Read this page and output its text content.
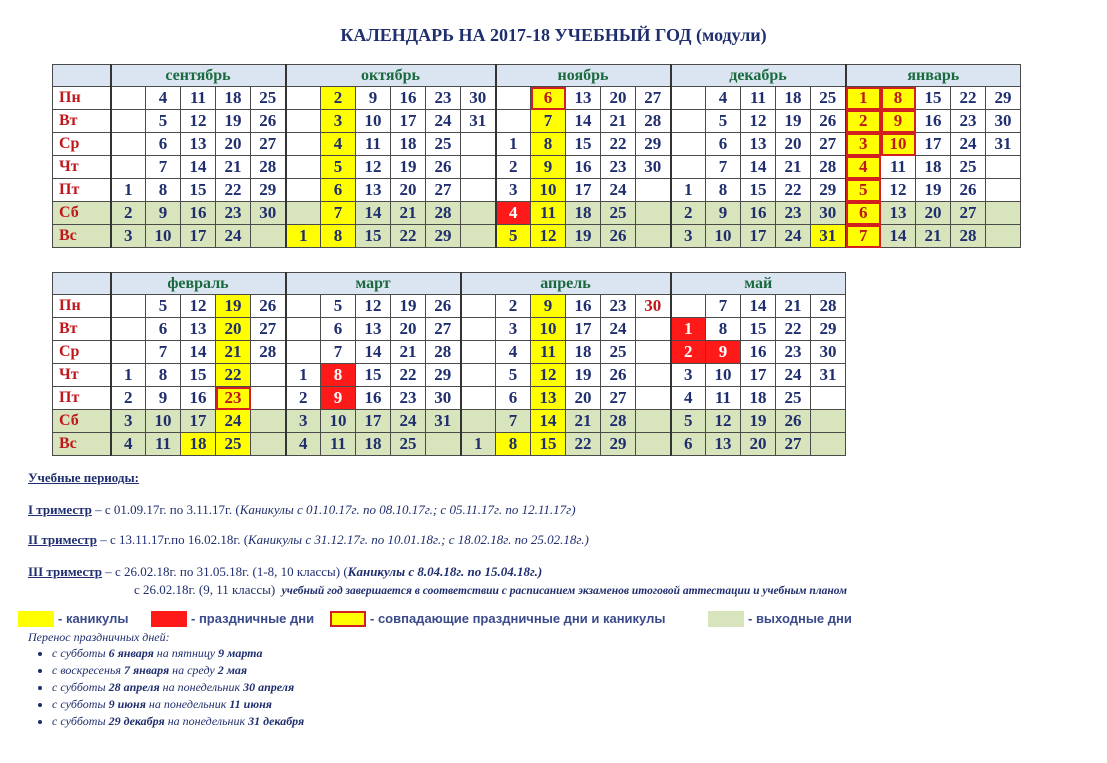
КАЛЕНДАРЬ НА 2017-18 УЧЕБНЫЙ ГОД (модули)
	сентябрь					октябрь						ноябрь					декабрь					январь				
Пн		4	11	18	25		2	9	16	23	30		6	13	20	27		4	11	18	25	1	8	15	22	29
Вт		5	12	19	26		3	10	17	24	31		7	14	21	28		5	12	19	26	2	9	16	23	30
Ср		6	13	20	27		4	11	18	25		1	8	15	22	29		6	13	20	27	3	10	17	24	31
Чт		7	14	21	28		5	12	19	26		2	9	16	23	30		7	14	21	28	4	11	18	25	
Пт	1	8	15	22	29		6	13	20	27		3	10	17	24		1	8	15	22	29	5	12	19	26	
Сб	2	9	16	23	30		7	14	21	28		4	11	18	25		2	9	16	23	30	6	13	20	27	
Вс	3	10	17	24		1	8	15	22	29		5	12	19	26		3	10	17	24	31	7	14	21	28	
	февраль					март					апрель						май				
Пн		5	12	19	26		5	12	19	26		2	9	16	23	30		7	14	21	28
Вт		6	13	20	27		6	13	20	27		3	10	17	24		1	8	15	22	29
Ср		7	14	21	28		7	14	21	28		4	11	18	25		2	9	16	23	30
Чт	1	8	15	22		1	8	15	22	29		5	12	19	26		3	10	17	24	31
Пт	2	9	16	23		2	9	16	23	30		6	13	20	27		4	11	18	25	
Сб	3	10	17	24		3	10	17	24	31		7	14	21	28		5	12	19	26	
Вс	4	11	18	25		4	11	18	25		1	8	15	22	29		6	13	20	27	
Учебные периоды:
I триместр – с 01.09.17г. по 3.11.17г. (Каникулы с 01.10.17г. по 08.10.17г.; с 05.11.17г. по 12.11.17г)
II триместр – с 13.11.17г.по 16.02.18г. (Каникулы с 31.12.17г. по 10.01.18г.; с 18.02.18г. по 25.02.18г.)
III триместр – с 26.02.18г. по 31.05.18г. (1-8, 10 классы) (Каникулы с 8.04.18г. по 15.04.18г.)
с 26.02.18г. (9, 11 классы) учебный год завершается в соответствии с расписанием экзаменов итоговой аттестации и учебным планом
- каникулы	- праздничные дни	- совпадающие праздничные дни и каникулы	- выходные дни
Перенос праздничных дней:
• с субботы 6 января на пятницу 9 марта
• с воскресенья 7 января на среду 2 мая
• с субботы 28 апреля на понедельник 30 апреля
• с субботы 9 июня на понедельник 11 июня
• с субботы 29 декабря на понедельник 31 декабря
